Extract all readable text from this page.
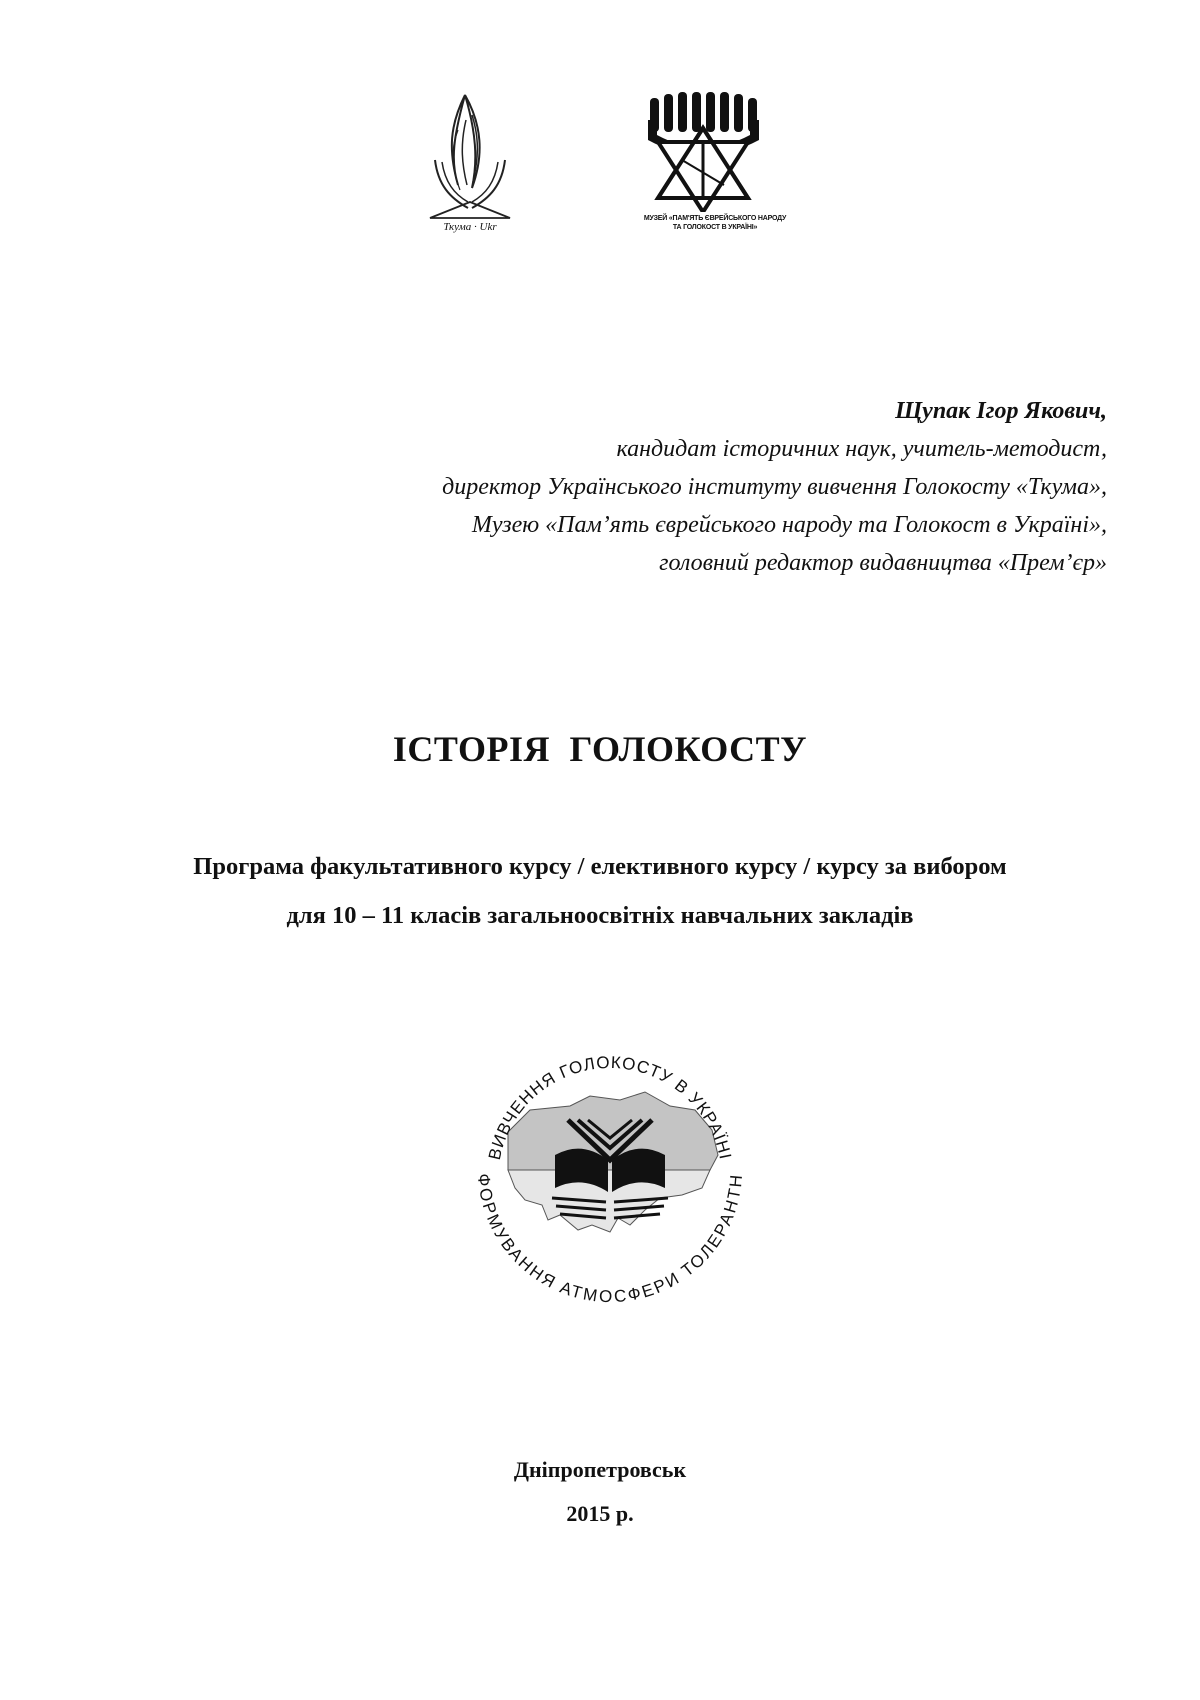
Ткума · Ukr
МУЗЕЙ «ПАМ'ЯТЬ ЄВРЕЙСЬКОГО НАРОДУ
ТА ГОЛОКОСТ В УКРАЇНІ»
Щупак Ігор Якович,
кандидат історичних наук, учитель-методист,
директор Українського інституту вивчення Голокосту «Ткума»,
Музею «Пам’ять єврейського народу та Голокост в Україні»,
головний редактор видавництва «Прем’єр»
ІСТОРІЯ ГОЛОКОСТУ
Програма факультативного курсу / елективного курсу / курсу за вибором
для 10 – 11 класів загальноосвітніх навчальних закладів
ВИВЧЕННЯ ГОЛОКОСТУ В УКРАЇНІ
ФОРМУВАННЯ АТМОСФЕРИ ТОЛЕРАНТН
Дніпропетровськ
2015 р.
